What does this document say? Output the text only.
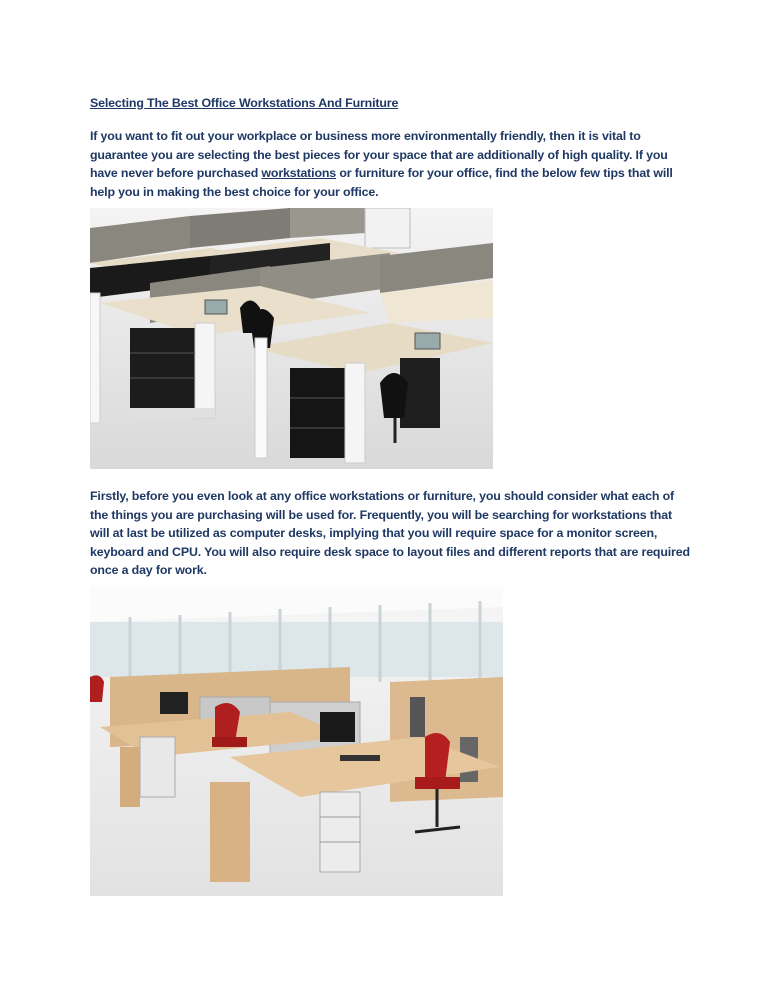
Selecting The Best Office Workstations And Furniture
If you want to fit out your workplace or business more environmentally friendly, then it is vital to guarantee you are selecting the best pieces for your space that are additionally of high quality. If you have never before purchased workstations or furniture for your office, find the below few tips that will help you in making the best choice for your office.
Firstly, before you even look at any office workstations or furniture, you should consider what each of the things you are purchasing will be used for. Frequently, you will be searching for workstations that will at last be utilized as computer desks, implying that you will require space for a monitor screen, keyboard and CPU. You will also require desk space to layout files and different reports that are required once a day for work.
